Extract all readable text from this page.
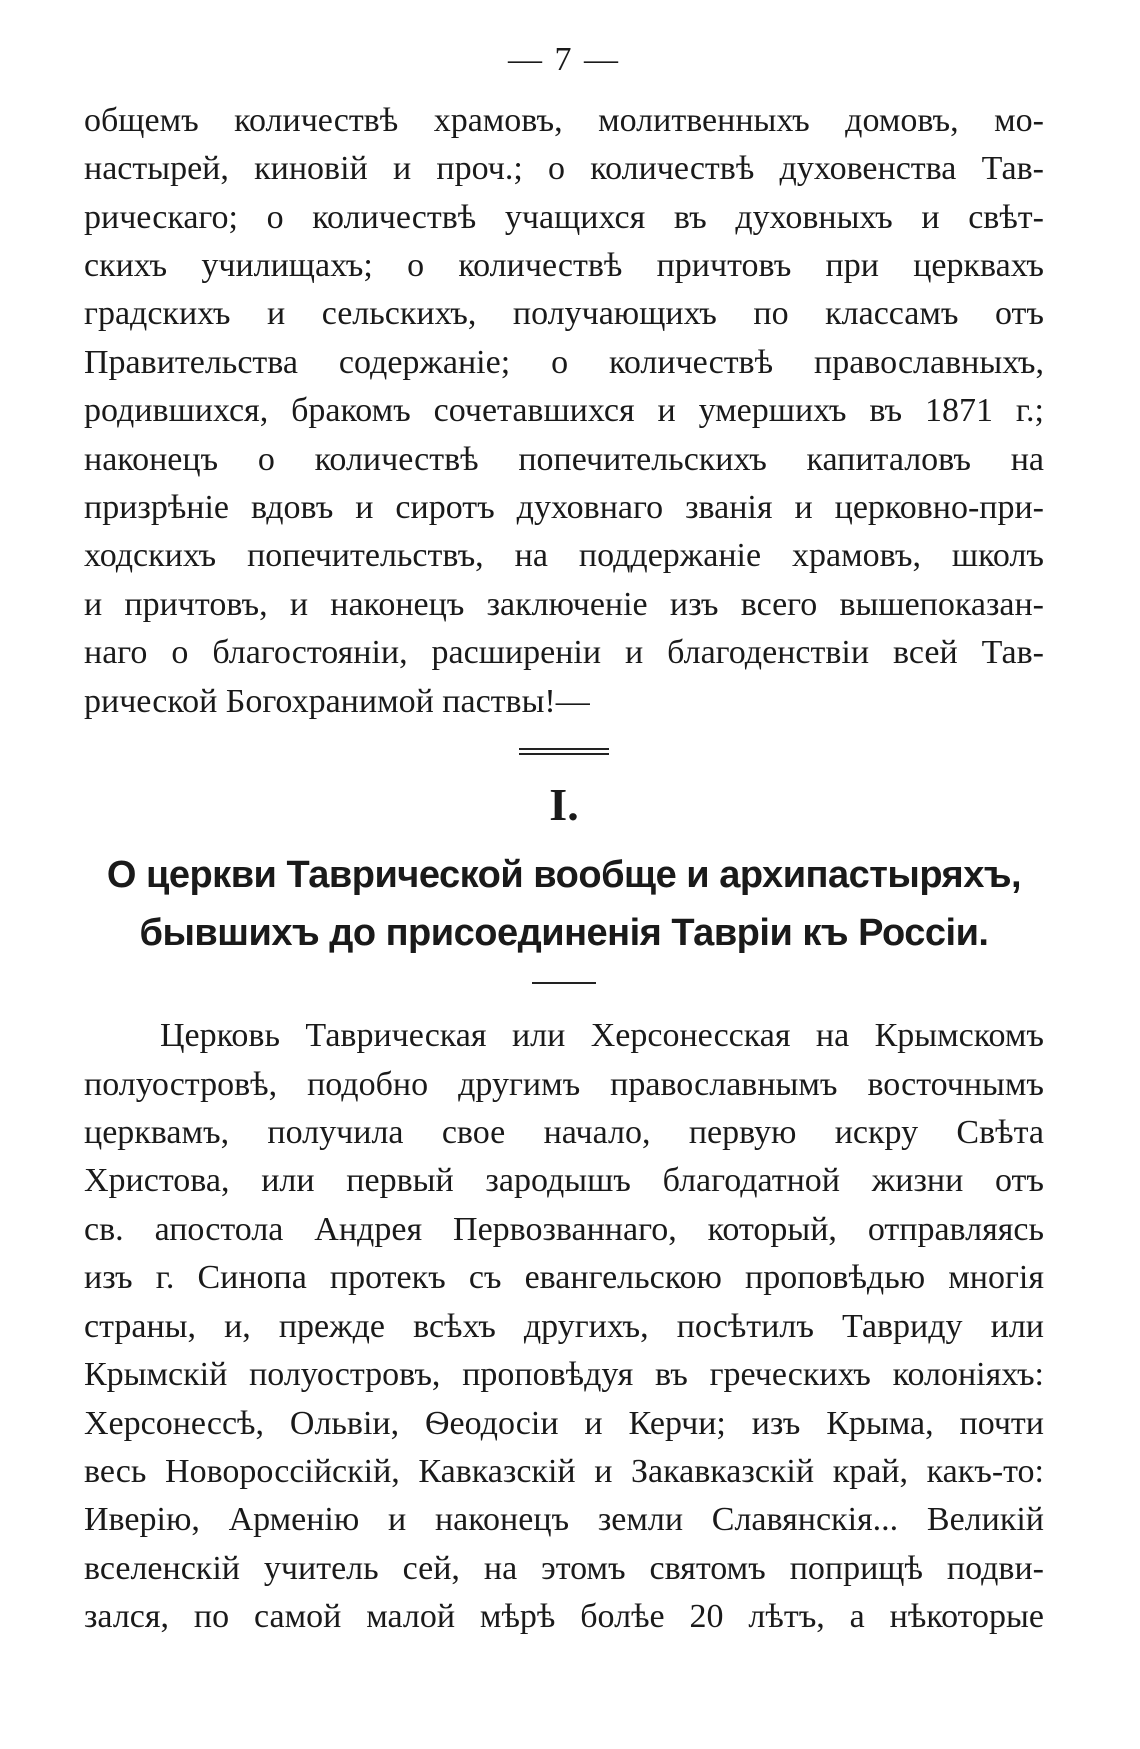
— 7 —
общемъ количествѣ храмовъ, молитвенныхъ домовъ, мо-
настырей, киновій и проч.; о количествѣ духовенства Тав-
рическаго; о количествѣ учащихся въ духовныхъ и свѣт-
скихъ училищахъ; о количествѣ причтовъ при церквахъ
градскихъ и сельскихъ, получающихъ по классамъ отъ
Правительства содержаніе; о количествѣ православныхъ,
родившихся, бракомъ сочетавшихся и умершихъ въ 1871 г.;
наконецъ о количествѣ попечительскихъ капиталовъ на
призрѣніе вдовъ и сиротъ духовнаго званія и церковно-при-
ходскихъ попечительствъ, на поддержаніе храмовъ, школъ
и причтовъ, и наконецъ заключеніе изъ всего вышепоказан-
наго о благостояніи, расширеніи и благоденствіи всей Тав-
рической Богохранимой паствы!—
I.
О церкви Таврической вообще и архипастыряхъ,
бывшихъ до присоединенія Тавріи къ Россіи.
Церковь Таврическая или Херсонесская на Крымскомъ
полуостровѣ, подобно другимъ православнымъ восточнымъ
церквамъ, получила свое начало, первую искру Свѣта
Христова, или первый зародышъ благодатной жизни отъ
св. апостола Андрея Первозваннаго, который, отправляясь
изъ г. Синопа протекъ съ евангельскою проповѣдью многія
страны, и, прежде всѣхъ другихъ, посѣтилъ Тавриду или
Крымскій полуостровъ, проповѣдуя въ греческихъ колоніяхъ:
Херсонессѣ, Ольвіи, Ѳеодосіи и Керчи; изъ Крыма, почти
весь Новороссійскій, Кавказскій и Закавказскій край, какъ-то:
Иверію, Арменію и наконецъ земли Славянскія... Великій
вселенскій учитель сей, на этомъ святомъ поприщѣ подви-
зался, по самой малой мѣрѣ болѣе 20 лѣтъ, а нѣкоторые
